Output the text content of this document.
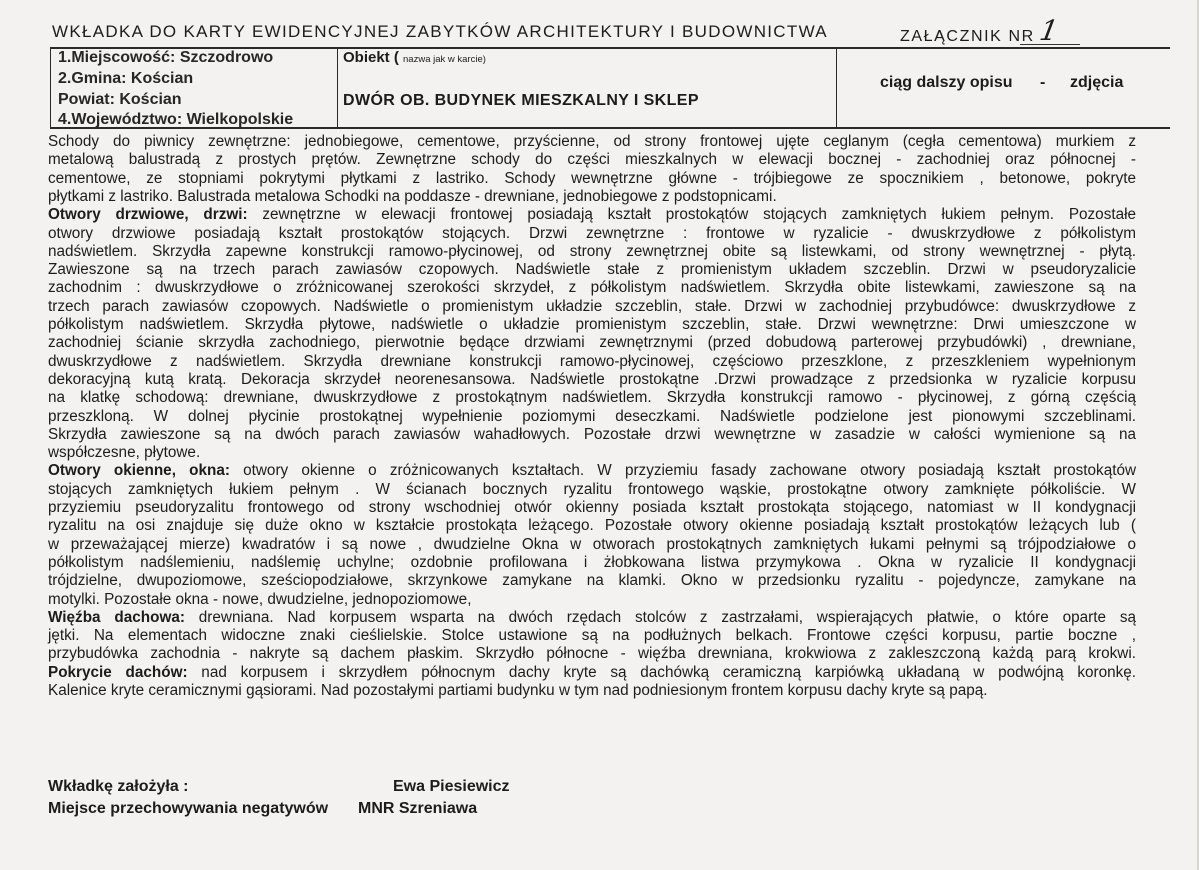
WKŁADKA DO KARTY EWIDENCYJNEJ ZABYTKÓW ARCHITEKTURY I BUDOWNICTWA	ZAŁĄCZNIK NR 1
1.Miejscowość: Szczodrowo
2.Gmina: Kościan
Powiat: Kościan
4.Województwo: Wielkopolskie
Obiekt ( nazwa jak w karcie)
DWÓR OB. BUDYNEK MIESZKALNY I SKLEP
ciąg dalszy opisu - zdjęcia
Schody do piwnicy zewnętrzne: jednobiegowe, cementowe, przyścienne, od strony frontowej ujęte ceglanym (cegła cementowa) murkiem z
metalową balustradą z prostych prętów. Zewnętrzne schody do części mieszkalnych w elewacji bocznej - zachodniej oraz północnej -
cementowe, ze stopniami pokrytymi płytkami z lastriko. Schody wewnętrzne główne - trójbiegowe ze spocznikiem , betonowe, pokryte
płytkami z lastriko. Balustrada metalowa Schodki na poddasze - drewniane, jednobiegowe z podstopnicami.
Otwory drzwiowe, drzwi: zewnętrzne w elewacji frontowej posiadają kształt prostokątów stojących zamkniętych łukiem pełnym. Pozostałe
otwory drzwiowe posiadają kształt prostokątów stojących. Drzwi zewnętrzne : frontowe w ryzalicie - dwuskrzydłowe z półkolistym
nadświetlem. Skrzydła zapewne konstrukcji ramowo-płycinowej, od strony zewnętrznej obite są listewkami, od strony wewnętrznej - płytą.
Zawieszone są na trzech parach zawiasów czopowych. Nadświetle stałe z promienistym układem szczeblin. Drzwi w pseudoryzalicie
zachodnim : dwuskrzydłowe o zróżnicowanej szerokości skrzydeł, z półkolistym nadświetlem. Skrzydła obite listewkami, zawieszone są na
trzech parach zawiasów czopowych. Nadświetle o promienistym układzie szczeblin, stałe. Drzwi w zachodniej przybudówce: dwuskrzydłowe z
półkolistym nadświetlem. Skrzydła płytowe, nadświetle o układzie promienistym szczeblin, stałe. Drzwi wewnętrzne: Drwi umieszczone w
zachodniej ścianie skrzydła zachodniego, pierwotnie będące drzwiami zewnętrznymi (przed dobudową parterowej przybudówki) , drewniane,
dwuskrzydłowe z nadświetlem. Skrzydła drewniane konstrukcji ramowo-płycinowej, częściowo przeszklone, z przeszkleniem wypełnionym
dekoracyjną kutą kratą. Dekoracja skrzydeł neorenesansowa. Nadświetle prostokątne .Drzwi prowadzące z przedsionka w ryzalicie korpusu
na klatkę schodową: drewniane, dwuskrzydłowe z prostokątnym nadświetlem. Skrzydła konstrukcji ramowo - płycinowej, z górną częścią
przeszkloną. W dolnej płycinie prostokątnej wypełnienie poziomymi deseczkami. Nadświetle podzielone jest pionowymi szczeblinami.
Skrzydła zawieszone są na dwóch parach zawiasów wahadłowych. Pozostałe drzwi wewnętrzne w zasadzie w całości wymienione są na
współczesne, płytowe.
Otwory okienne, okna: otwory okienne o zróżnicowanych kształtach. W przyziemiu fasady zachowane otwory posiadają kształt prostokątów
stojących zamkniętych łukiem pełnym . W ścianach bocznych ryzalitu frontowego wąskie, prostokątne otwory zamknięte półkoliście. W
przyziemiu pseudoryzalitu frontowego od strony wschodniej otwór okienny posiada kształt prostokąta stojącego, natomiast w II kondygnacji
ryzalitu na osi znajduje się duże okno w kształcie prostokąta leżącego. Pozostałe otwory okienne posiadają kształt prostokątów leżących lub (
w przeważającej mierze) kwadratów i są nowe , dwudzielne Okna w otworach prostokątnych zamkniętych łukami pełnymi są trójpodziałowe o
półkolistym nadślemieniu, nadślemię uchylne; ozdobnie profilowana i żłobkowana listwa przymykowa . Okna w ryzalicie II kondygnacji
trójdzielne, dwupoziomowe, sześciopodziałowe, skrzynkowe zamykane na klamki. Okno w przedsionku ryzalitu - pojedyncze, zamykane na
motylki. Pozostałe okna - nowe, dwudzielne, jednopoziomowe,
Więźba dachowa: drewniana. Nad korpusem wsparta na dwóch rzędach stolców z zastrzałami, wspierających płatwie, o które oparte są
jętki. Na elementach widoczne znaki cieślielskie. Stolce ustawione są na podłużnych belkach. Frontowe części korpusu, partie boczne ,
przybudówka zachodnia - nakryte są dachem płaskim. Skrzydło północne - więźba drewniana, krokwiowa z zakleszczoną każdą parą krokwi.
Pokrycie dachów: nad korpusem i skrzydłem północnym dachy kryte są dachówką ceramiczną karpiówką układaną w podwójną koronkę.
Kalenice kryte ceramicznymi gąsiorami. Nad pozostałymi partiami budynku w tym nad podniesionym frontem korpusu dachy kryte są papą.
Wkładkę założyła :	Ewa Piesiewicz
Miejsce przechowywania negatywów MNR Szreniawa
